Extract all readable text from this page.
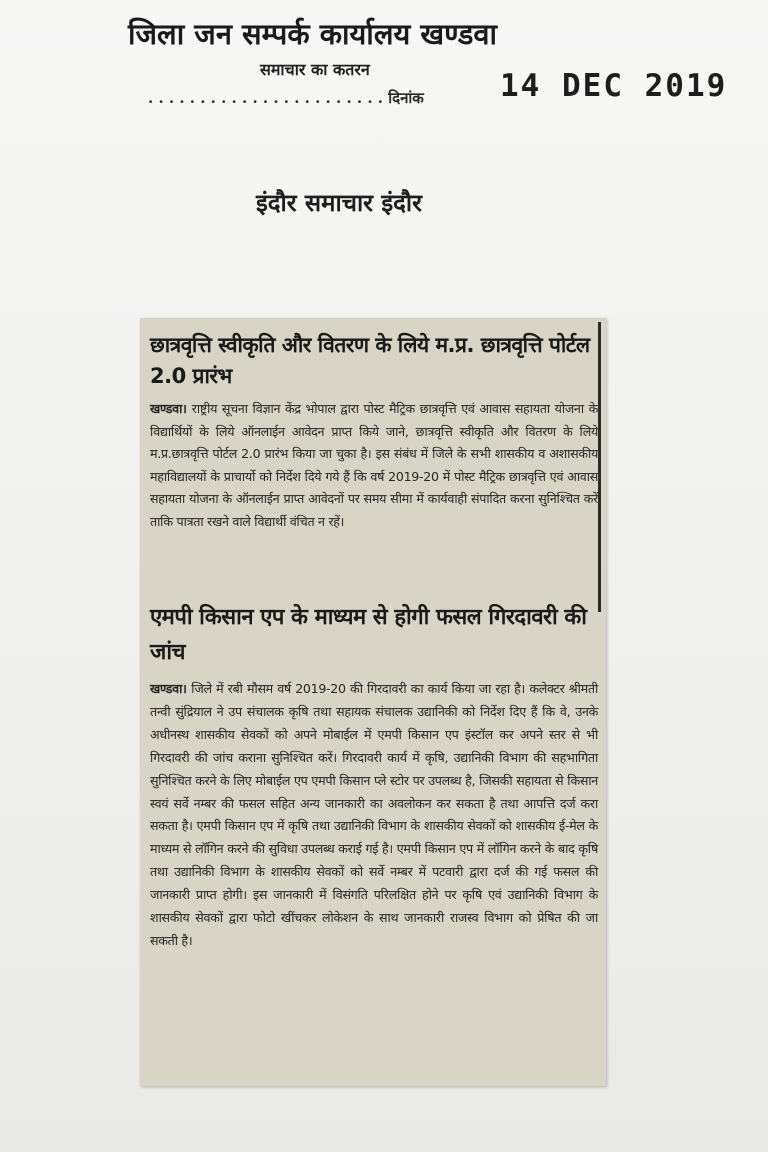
जिला जन सम्पर्क कार्यालय खण्डवा
समाचार का कतरन
. . . . . . . . . . . . . . . . . . . . . . . दिनांक 14 DEC 2019
इंदौर समाचार इंदौर
छात्रवृत्ति स्वीकृति और वितरण के लिये म.प्र. छात्रवृत्ति पोर्टल 2.0 प्रारंभ

खण्डवा। राष्ट्रीय सूचना विज्ञान केंद्र भोपाल द्वारा पोस्ट मैट्रिक छात्रवृत्ति एवं आवास सहायता योजना के विद्यार्थियों के लिये ऑनलाईन आवेदन प्राप्त किये जाने, छात्रवृत्ति स्वीकृति और वितरण के लिये म.प्र.छात्रवृत्ति पोर्टल 2.0 प्रारंभ किया जा चुका है। इस संबंध में जिले के सभी शासकीय व अशासकीय महाविद्यालयों के प्राचार्यो को निर्देश दिये गये हैं कि वर्ष 2019-20 में पोस्ट मैट्रिक छात्रवृत्ति एवं आवास सहायता योजना के ऑनलाईन प्राप्त आवेदनों पर समय सीमा में कार्यवाही संपादित करना सुनिश्चित करें ताकि पात्रता रखने वाले विद्यार्थी वंचित न रहें।

एमपी किसान एप के माध्यम से होगी फसल गिरदावरी की जांच

खण्डवा। जिले में रबी मौसम वर्ष 2019-20 की गिरदावरी का कार्य किया जा रहा है। कलेक्टर श्रीमती तन्वी सुंद्रियाल ने उप संचालक कृषि तथा सहायक संचालक उद्यानिकी को निर्देश दिए हैं कि वे, उनके अधीनस्थ शासकीय सेवकों को अपने मोबाईल में एमपी किसान एप इंस्टॉल कर अपने स्तर से भी गिरदावरी की जांच कराना सुनिश्चित करें। गिरदावरी कार्य में कृषि, उद्यानिकी विभाग की सहभागिता सुनिश्चित करने के लिए मोबाईल एप एमपी किसान प्ले स्टोर पर उपलब्ध है, जिसकी सहायता से किसान स्वयं सर्वे नम्बर की फसल सहित अन्य जानकारी का अवलोकन कर सकता है तथा आपत्ति दर्ज करा सकता है। एमपी किसान एप में कृषि तथा उद्यानिकी विभाग के शासकीय सेवकों को शासकीय ई-मेल के माध्यम से लॉगिन करने की सुविधा उपलब्ध कराई गई है। एमपी किसान एप में लॉगिन करने के बाद कृषि तथा उद्यानिकी विभाग के शासकीय सेवकों को सर्वे नम्बर में पटवारी द्वारा दर्ज की गई फसल की जानकारी प्राप्त होगी। इस जानकारी में विसंगति परिलक्षित होने पर कृषि एवं उद्यानिकी विभाग के शासकीय सेवकों द्वारा फोटो खींचकर लोकेशन के साथ जानकारी राजस्व विभाग को प्रेषित की जा सकती है।
